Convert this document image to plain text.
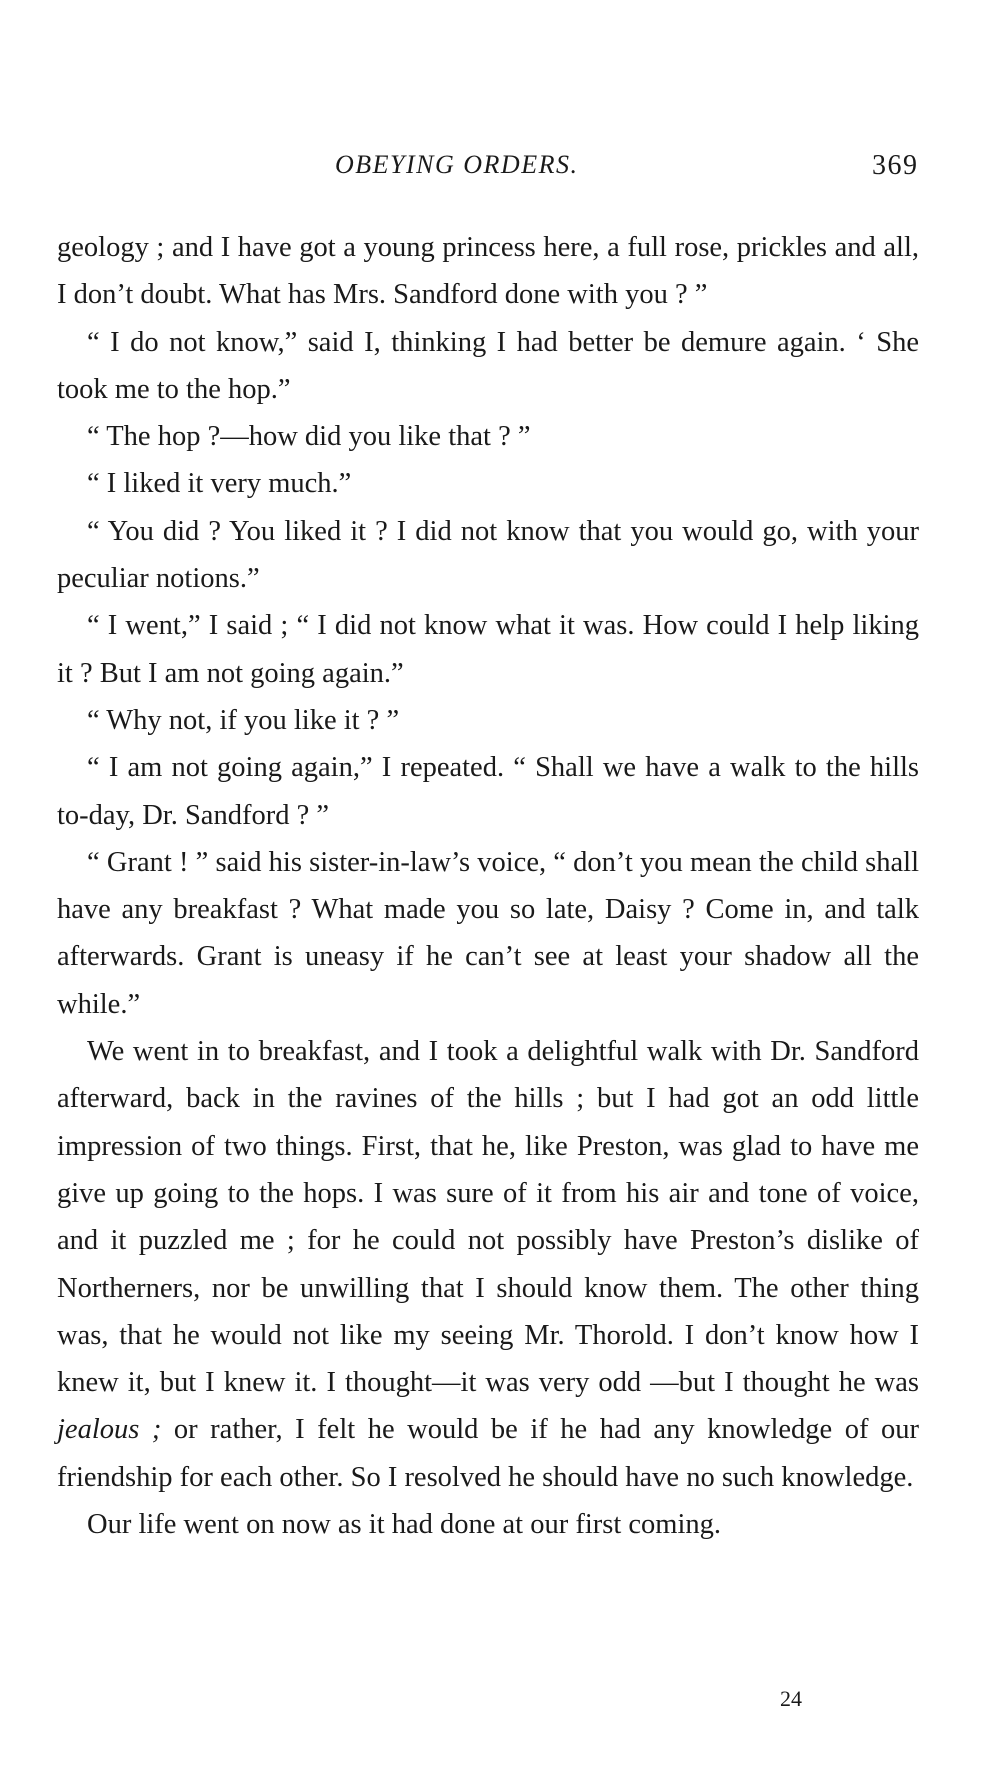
OBEYING ORDERS.	369

geology ; and I have got a young princess here, a full rose, prickles and all, I don’t doubt. What has Mrs. Sandford done with you ? ”

“ I do not know,” said I, thinking I had better be demure again. ‘ She took me to the hop.”

“ The hop ?—how did you like that ? ”

“ I liked it very much.”

“ You did ? You liked it ? I did not know that you would go, with your peculiar notions.”

“ I went,” I said ; “ I did not know what it was. How could I help liking it ? But I am not going again.”

“ Why not, if you like it ? ”

“ I am not going again,” I repeated. “ Shall we have a walk to the hills to-day, Dr. Sandford ? ”

“ Grant ! ” said his sister-in-law’s voice, “ don’t you mean the child shall have any breakfast ? What made you so late, Daisy ? Come in, and talk afterwards. Grant is uneasy if he can’t see at least your shadow all the while.”

We went in to breakfast, and I took a delightful walk with Dr. Sandford afterward, back in the ravines of the hills ; but I had got an odd little impression of two things. First, that he, like Preston, was glad to have me give up going to the hops. I was sure of it from his air and tone of voice, and it puzzled me ; for he could not possibly have Preston’s dislike of Northerners, nor be unwilling that I should know them. The other thing was, that he would not like my seeing Mr. Thorold. I don’t know how I knew it, but I knew it. I thought—it was very odd —but I thought he was jealous ; or rather, I felt he would be if he had any knowledge of our friendship for each other. So I resolved he should have no such knowledge.

Our life went on now as it had done at our first coming.

24
